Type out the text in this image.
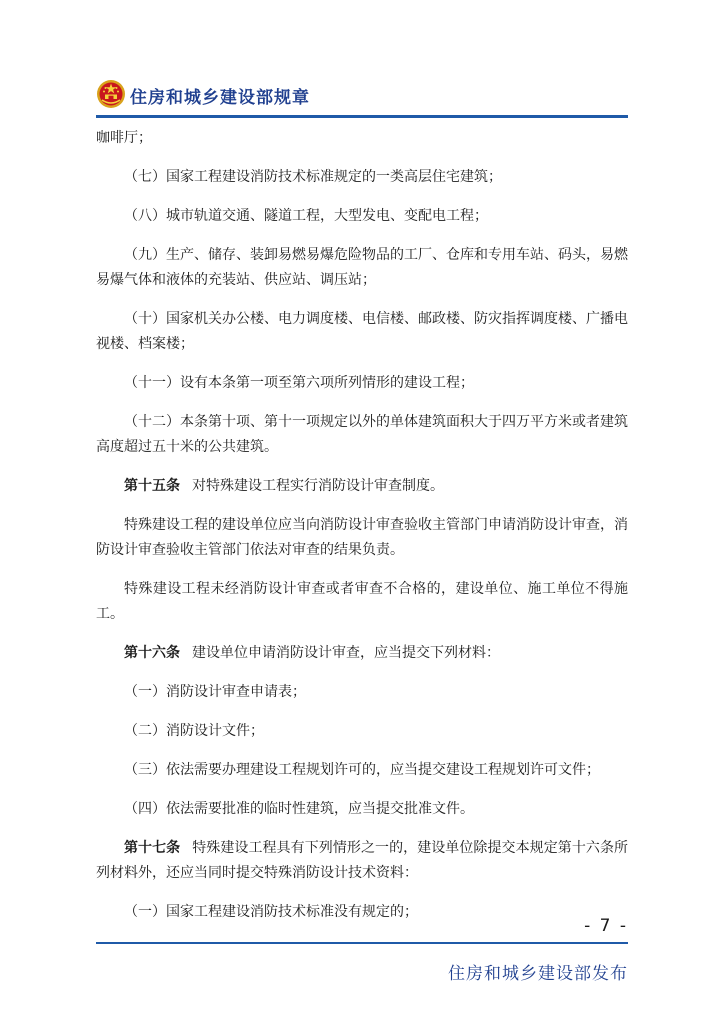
住房和城乡建设部规章

咖啡厅；

（七）国家工程建设消防技术标准规定的一类高层住宅建筑；

（八）城市轨道交通、隧道工程，大型发电、变配电工程；

（九）生产、储存、装卸易燃易爆危险物品的工厂、仓库和专用车站、码头，易燃易爆气体和液体的充装站、供应站、调压站；

（十）国家机关办公楼、电力调度楼、电信楼、邮政楼、防灾指挥调度楼、广播电视楼、档案楼；

（十一）设有本条第一项至第六项所列情形的建设工程；

（十二）本条第十项、第十一项规定以外的单体建筑面积大于四万平方米或者建筑高度超过五十米的公共建筑。

第十五条 对特殊建设工程实行消防设计审查制度。

特殊建设工程的建设单位应当向消防设计审查验收主管部门申请消防设计审查，消防设计审查验收主管部门依法对审查的结果负责。

特殊建设工程未经消防设计审查或者审查不合格的，建设单位、施工单位不得施工。

第十六条 建设单位申请消防设计审查，应当提交下列材料：

（一）消防设计审查申请表；

（二）消防设计文件；

（三）依法需要办理建设工程规划许可的，应当提交建设工程规划许可文件；

（四）依法需要批准的临时性建筑，应当提交批准文件。

第十七条 特殊建设工程具有下列情形之一的，建设单位除提交本规定第十六条所列材料外，还应当同时提交特殊消防设计技术资料：

（一）国家工程建设消防技术标准没有规定的；

- 7 -
住房和城乡建设部发布
